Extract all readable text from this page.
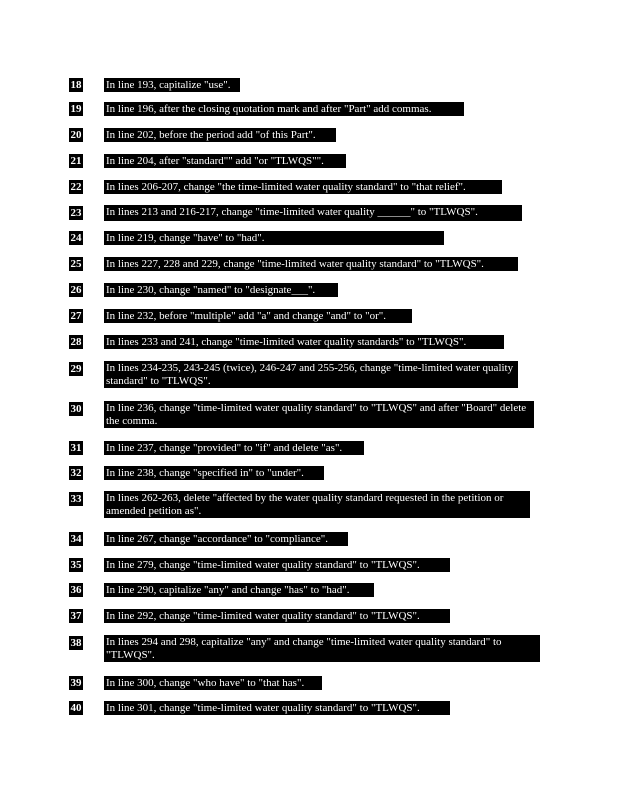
18 In line 193, capitalize "use".
19 In line 196, after the closing quotation mark and after "Part" add commas.
20 In line 202, before the period add "of this Part".
21 In line 204, after "standard"" add "or "TLWQS"".
22 In lines 206-207, change "the time-limited water quality standard" to "that relief".
23 In lines 213 and 216-217, change "time-limited water quality ______" to "TLWQS".
24 In line 219, change "have" to "had".
25 In lines 227, 228 and 229, change "time-limited water quality standard" to "TLWQS".
26 In line 230, change "named" to "designate___".
27 In line 232, before "multiple" add "a" and change "and" to "or".
28 In lines 233 and 241, change "time-limited water quality standards" to "TLWQS".
29 In lines 234-235, 243-245 (twice), 246-247 and 255-256, change "time-limited water quality standard" to "TLWQS".
30 In line 236, change "time-limited water quality standard" to "TLWQS" and after "Board" delete the comma.
31 In line 237, change "provided" to "if" and delete "as".
32 In line 238, change "specified in" to "under".
33 In lines 262-263, delete "affected by the water quality standard requested in the petition or amended petition as".
34 In line 267, change "accordance" to "compliance".
35 In line 279, change "time-limited water quality standard" to "TLWQS".
36 In line 290, capitalize "any" and change "has" to "had".
37 In line 292, change "time-limited water quality standard" to "TLWQS".
38 In lines 294 and 298, capitalize "any" and change "time-limited water quality standard" to "TLWQS".
39 In line 300, change "who have" to "that has".
40 In line 301, change "time-limited water quality standard" to "TLWQS".
